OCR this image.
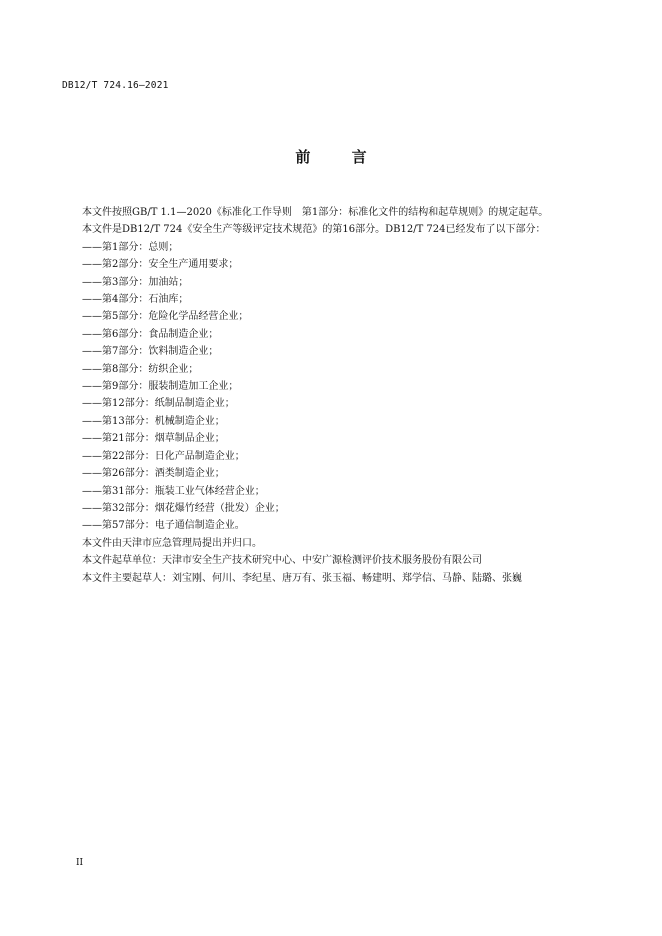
DB12/T 724.16—2021
前 言

本文件按照GB/T 1.1—2020《标准化工作导则　第1部分：标准化文件的结构和起草规则》的规定起草。

本文件是DB12/T 724《安全生产等级评定技术规范》的第16部分。DB12/T 724已经发布了以下部分：

——第1部分：总则；
——第2部分：安全生产通用要求；
——第3部分：加油站；
——第4部分：石油库；
——第5部分：危险化学品经营企业；
——第6部分：食品制造企业；
——第7部分：饮料制造企业；
——第8部分：纺织企业；
——第9部分：服装制造加工企业；
——第12部分：纸制品制造企业；
——第13部分：机械制造企业；
——第21部分：烟草制品企业；
——第22部分：日化产品制造企业；
——第26部分：酒类制造企业；
——第31部分：瓶装工业气体经营企业；
——第32部分：烟花爆竹经营（批发）企业；
——第57部分：电子通信制造企业。

本文件由天津市应急管理局提出并归口。

本文件起草单位：天津市安全生产技术研究中心、中安广源检测评价技术服务股份有限公司

本文件主要起草人：刘宝刚、何川、李纪星、唐万有、张玉福、畅建明、郑学信、马静、陆璐、张巍

II
